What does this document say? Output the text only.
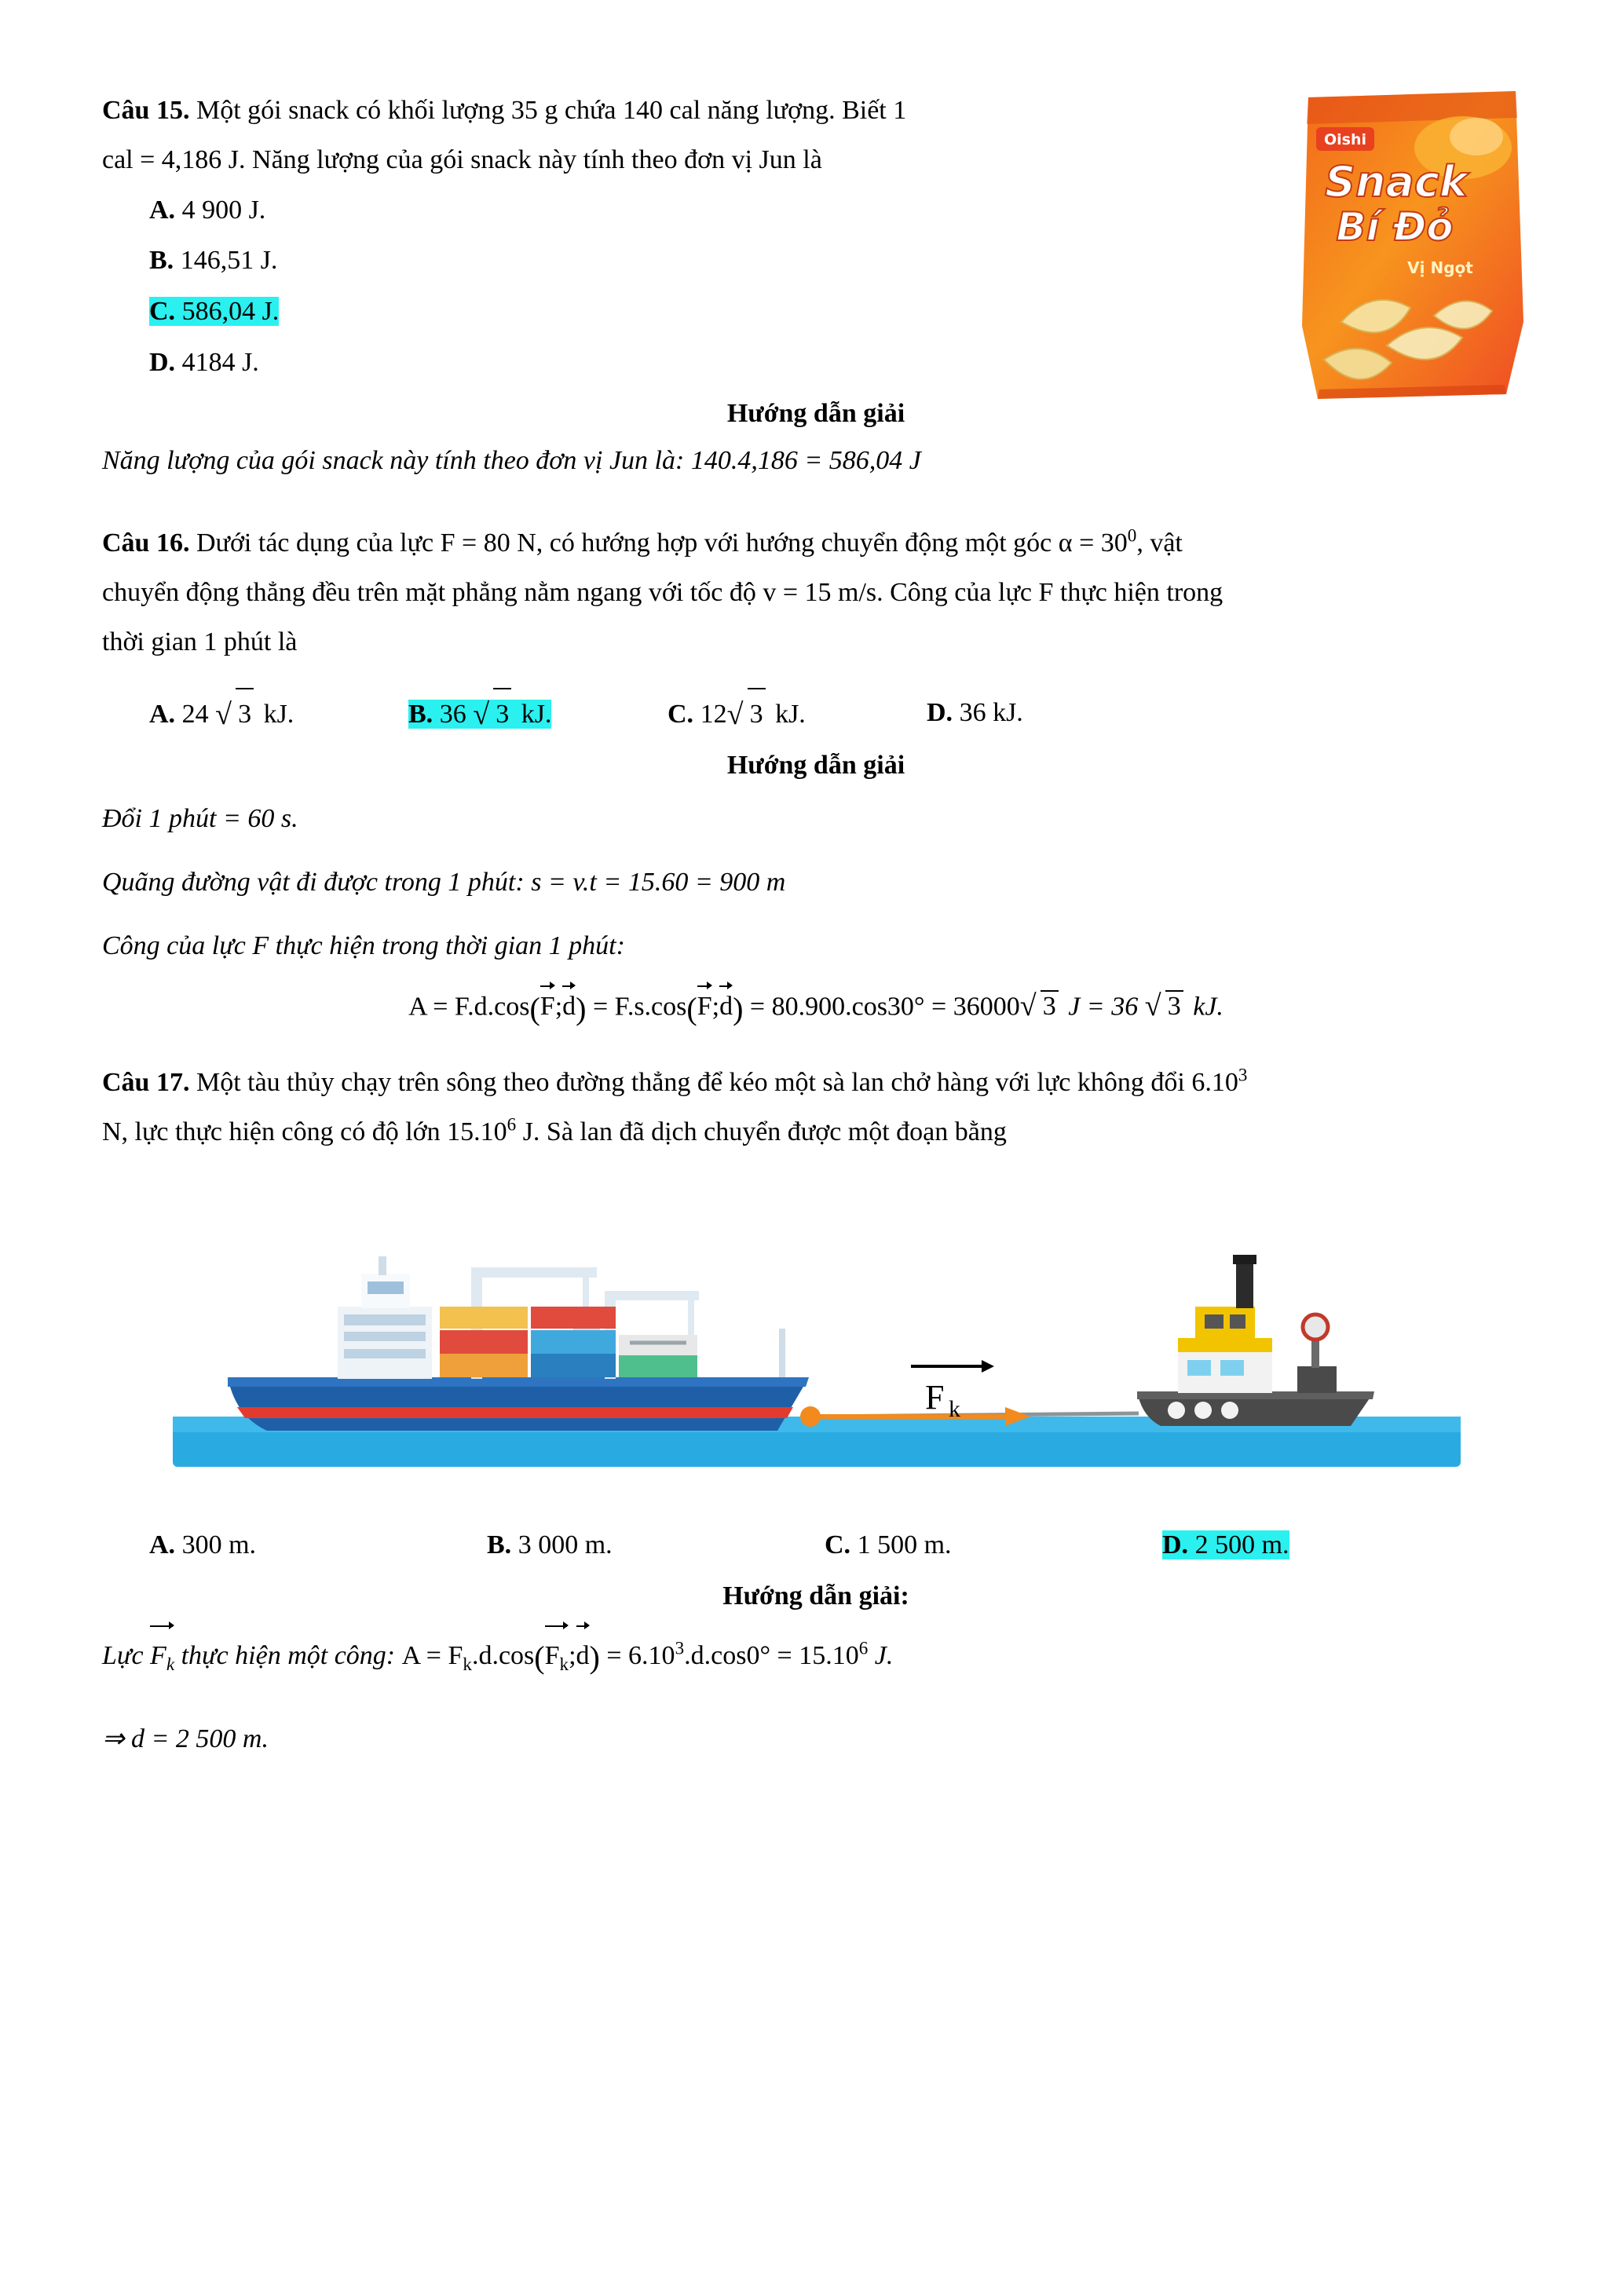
Oishi
Snack
Bí Đỏ
Vị Ngọt

Câu 15. Một gói snack có khối lượng 35 g chứa 140 cal năng lượng. Biết 1

cal = 4,186 J. Năng lượng của gói snack này tính theo đơn vị Jun là

A. 4 900 J.

B. 146,51 J.

C. 586,04 J.

D. 4184 J.

Hướng dẫn giải

Năng lượng của gói snack này tính theo đơn vị Jun là: 140.4,186 = 586,04 J

Câu 16. Dưới tác dụng của lực F = 80 N, có hướng hợp với hướng chuyển động một góc $\alpha = 30^0$, vật

chuyển động thẳng đều trên mặt phẳng nằm ngang với tốc độ v = 15 m/s. Công của lực F thực hiện trong

thời gian 1 phút là

A. 24 √ 3 kJ.	B. 36 √ 3 kJ.	C. 12 √ 3 kJ.	D. 36 kJ.
Hướng dẫn giải

Đổi 1 phút = 60 s.

Quãng đường vật đi được trong 1 phút: s = v.t = 15.60 = 900 m

Công của lực F thực hiện trong thời gian 1 phút:

A = F.d.cos(F;d) = F.s.cos(F;d) = 80.900.cos30° = 36000 √ 3 J = 36 √ 3 kJ.

Câu 17. Một tàu thủy chạy trên sông theo đường thẳng để kéo một sà lan chở hàng với lực không đổi 6.10$^3$

N, lực thực hiện công có độ lớn 15.10$^6$ J. Sà lan đã dịch chuyển được một đoạn bằng

F k
A. 300 m.	B. 3 000 m.	C. 1 500 m.	D. 2 500 m.
Hướng dẫn giải:

Lực $F_k$ thực hiện một công: $A = F_k.d.\cos(F_k;d) = 6.10^3.d.\cos 0^\circ = 15.10^6$ J.

⇒ d = 2 500 m.
